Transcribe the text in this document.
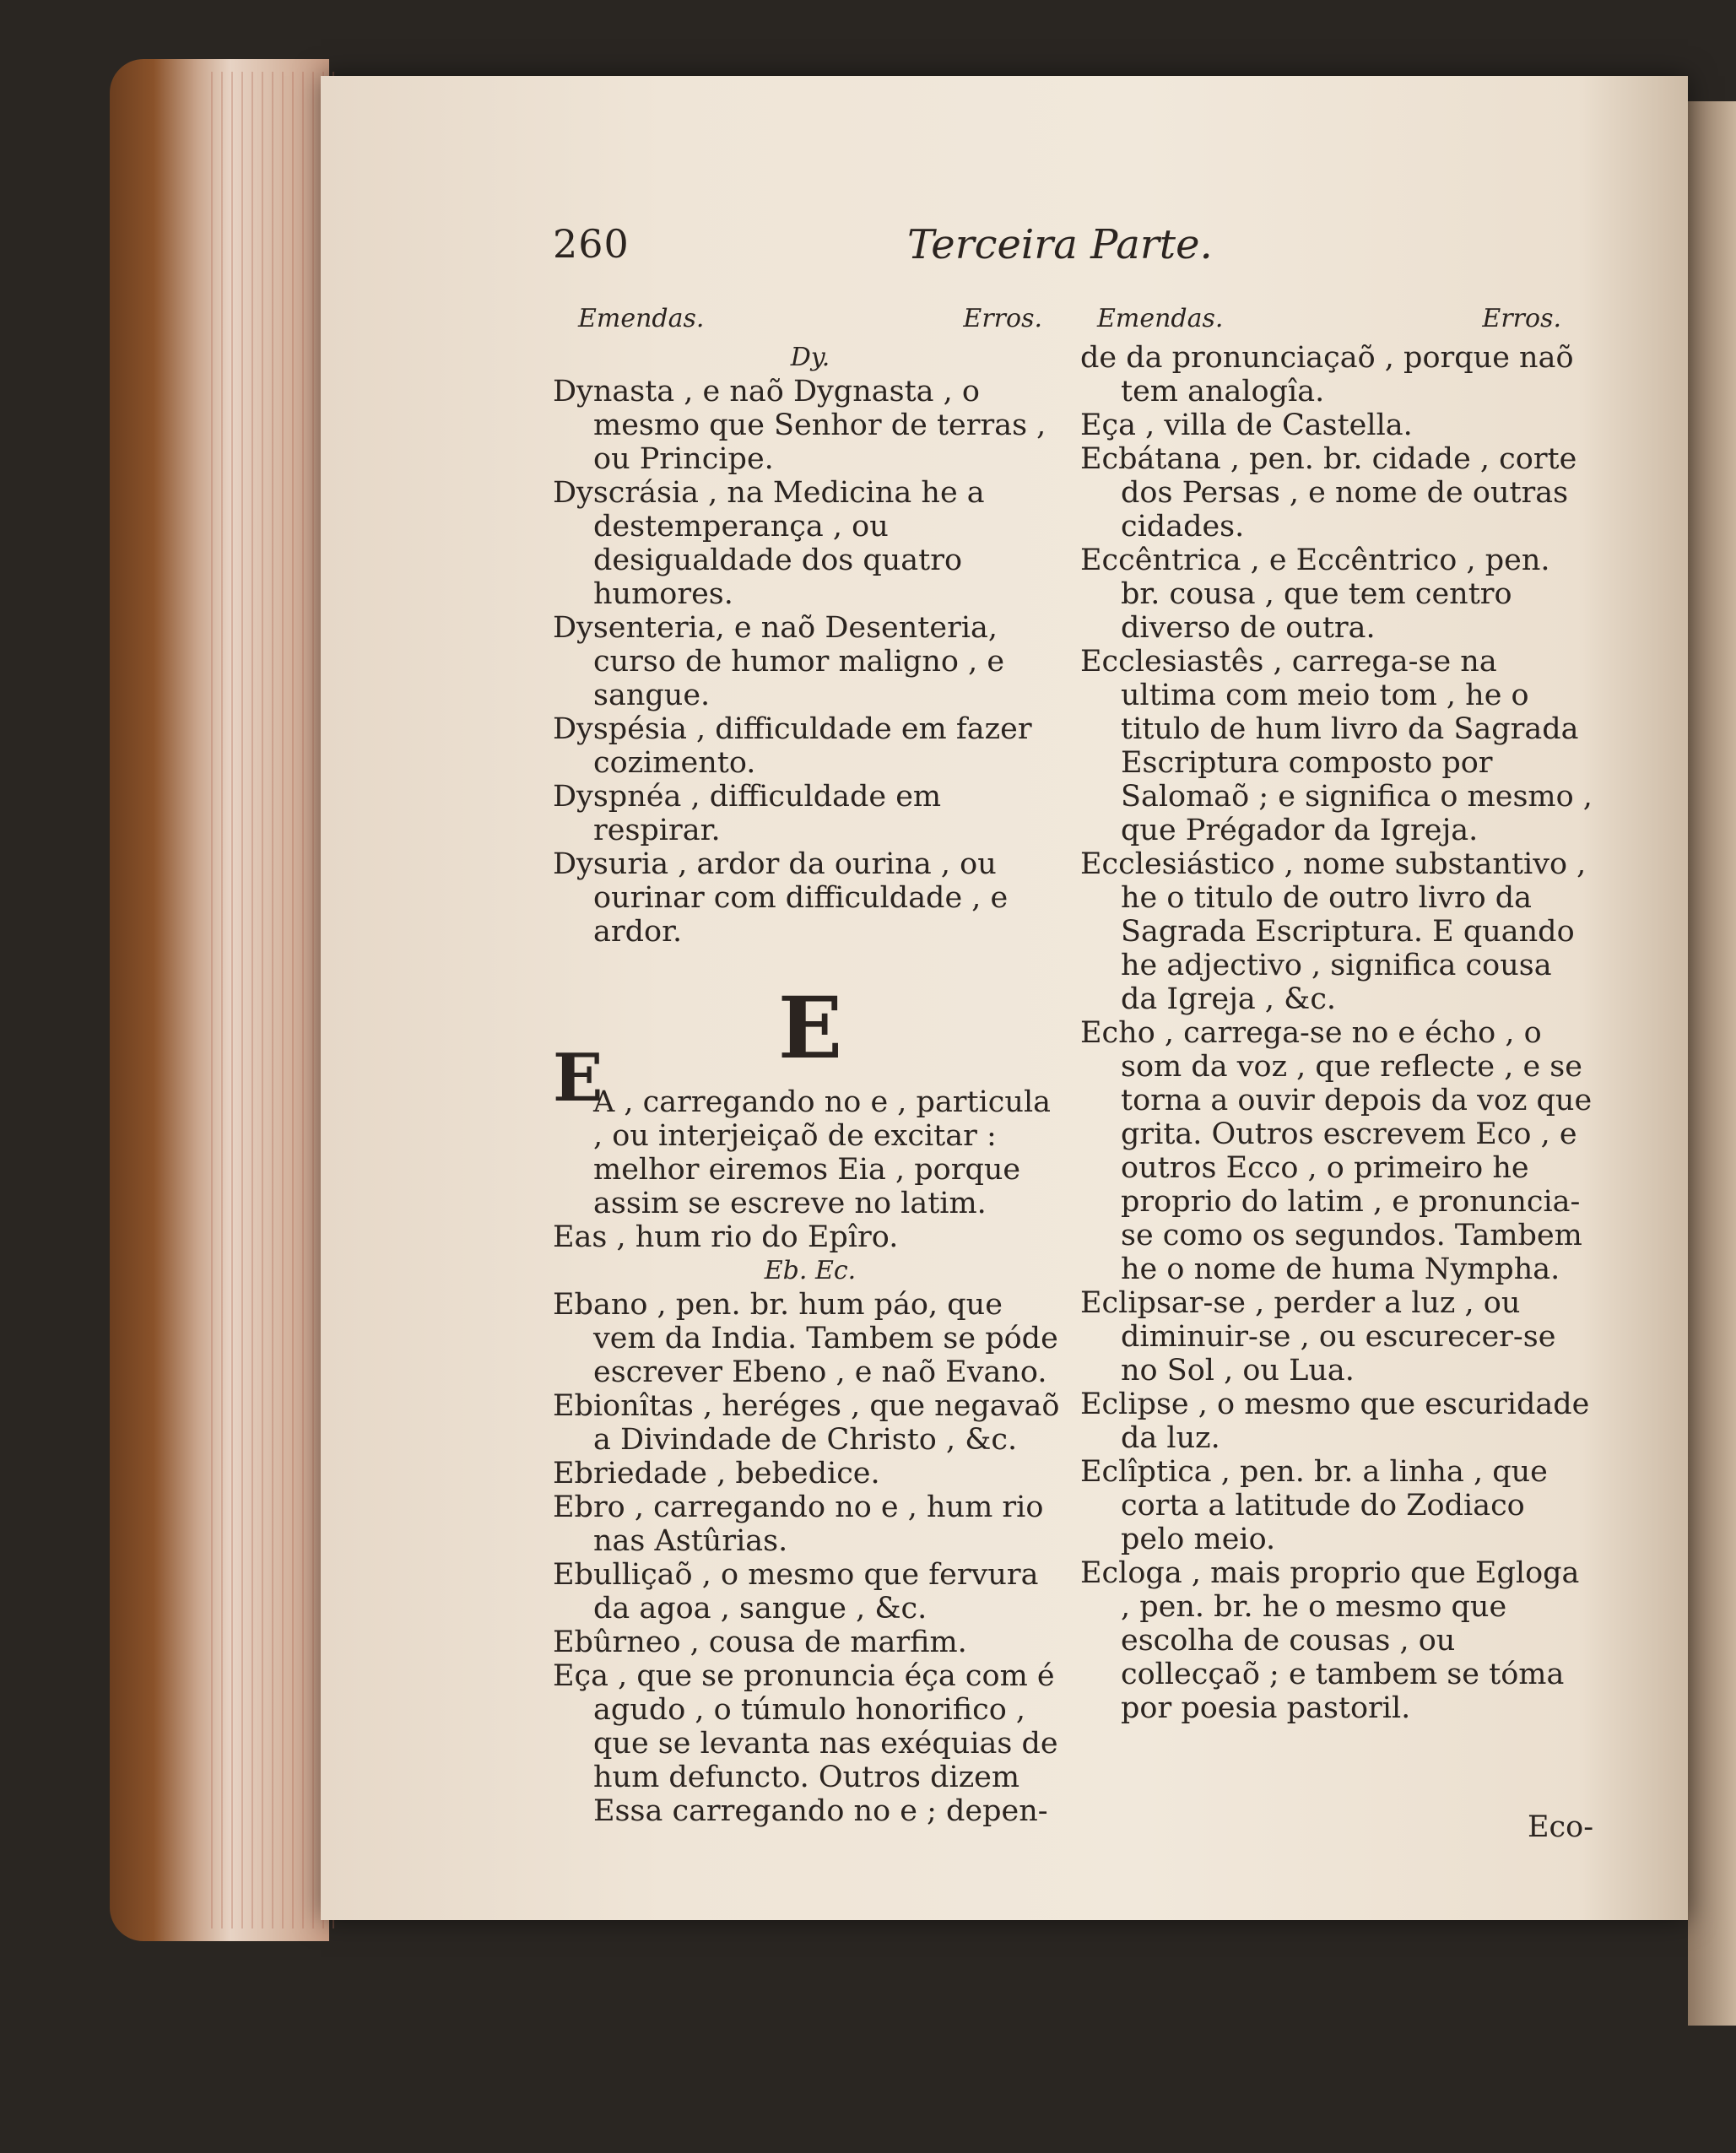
260	Terceira Parte.
Emendas.	Erros.
Dy.
Dynasta , e naõ Dygnasta , o mesmo que Senhor de terras , ou Principe.
Dyscrásia , na Medicina he a destemperança , ou desigualdade dos quatro humores.
Dysenteria, e naõ Desenteria, curso de humor maligno , e sangue.
Dyspésia , difficuldade em fazer cozimento.
Dyspnéa , difficuldade em respirar.
Dysuria , ardor da ourina , ou ourinar com difficuldade , e ardor.
E
E
A , carregando no e , particula , ou interjeiçaõ de excitar : melhor eiremos Eia , porque assim se escreve no latim.
Eas , hum rio do Epîro.
Eb. Ec.
Ebano , pen. br. hum páo, que vem da India. Tambem se póde escrever Ebeno , e naõ Evano.
Ebionîtas , heréges , que negavaõ a Divindade de Christo , &c.
Ebriedade , bebedice.
Ebro , carregando no e , hum rio nas Astûrias.
Ebulliçaõ , o mesmo que fervura da agoa , sangue , &c.
Ebûrneo , cousa de marfim.
Eça , que se pronuncia éça com é agudo , o túmulo honorifico , que se levanta nas exéquias de hum defuncto. Outros dizem Essa carregando no e ; depen-
Emendas.	Erros.
de da pronunciaçaõ , porque naõ tem analogîa.
Eça , villa de Castella.
Ecbátana , pen. br. cidade , corte dos Persas , e nome de outras cidades.
Eccêntrica , e Eccêntrico , pen. br. cousa , que tem centro diverso de outra.
Ecclesiastês , carrega-se na ultima com meio tom , he o titulo de hum livro da Sagrada Escriptura composto por Salomaõ ; e significa o mesmo , que Prégador da Igreja.
Ecclesiástico , nome substantivo , he o titulo de outro livro da Sagrada Escriptura. E quando he adjectivo , significa cousa da Igreja , &c.
Echo , carrega-se no e écho , o som da voz , que reflecte , e se torna a ouvir depois da voz que grita. Outros escrevem Eco , e outros Ecco , o primeiro he proprio do latim , e pronuncia-se como os segundos. Tambem he o nome de huma Nympha.
Eclipsar-se , perder a luz , ou diminuir-se , ou escurecer-se no Sol , ou Lua.
Eclipse , o mesmo que escuridade da luz.
Eclîptica , pen. br. a linha , que corta a latitude do Zodiaco pelo meio.
Ecloga , mais proprio que Egloga , pen. br. he o mesmo que escolha de cousas , ou collecçaõ ; e tambem se tóma por poesia pastoril.
Eco-
